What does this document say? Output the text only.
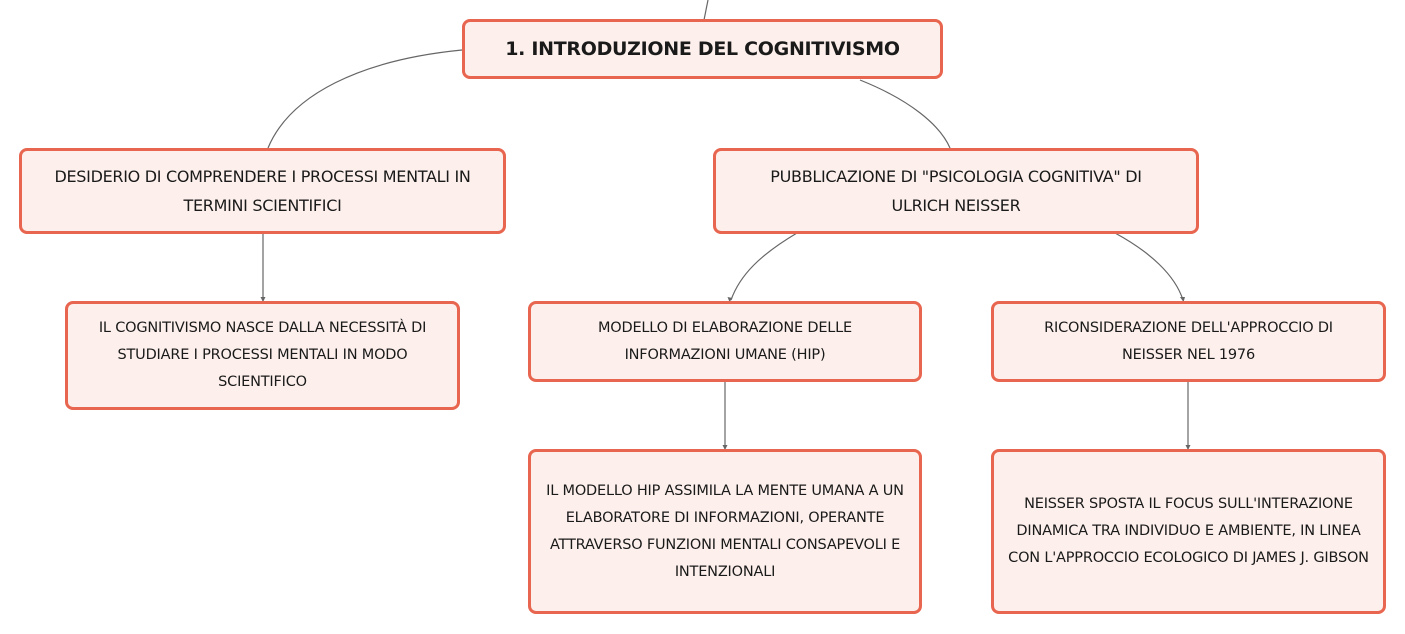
1. INTRODUZIONE DEL COGNITIVISMO
DESIDERIO DI COMPRENDERE I PROCESSI MENTALI IN TERMINI SCIENTIFICI
PUBBLICAZIONE DI "PSICOLOGIA COGNITIVA" DI ULRICH NEISSER
IL COGNITIVISMO NASCE DALLA NECESSITÀ DI STUDIARE I PROCESSI MENTALI IN MODO SCIENTIFICO
MODELLO DI ELABORAZIONE DELLE INFORMAZIONI UMANE (HIP)
RICONSIDERAZIONE DELL'APPROCCIO DI NEISSER NEL 1976
IL MODELLO HIP ASSIMILA LA MENTE UMANA A UN ELABORATORE DI INFORMAZIONI, OPERANTE ATTRAVERSO FUNZIONI MENTALI CONSAPEVOLI E INTENZIONALI
NEISSER SPOSTA IL FOCUS SULL'INTERAZIONE DINAMICA TRA INDIVIDUO E AMBIENTE, IN LINEA CON L'APPROCCIO ECOLOGICO DI JAMES J. GIBSON
